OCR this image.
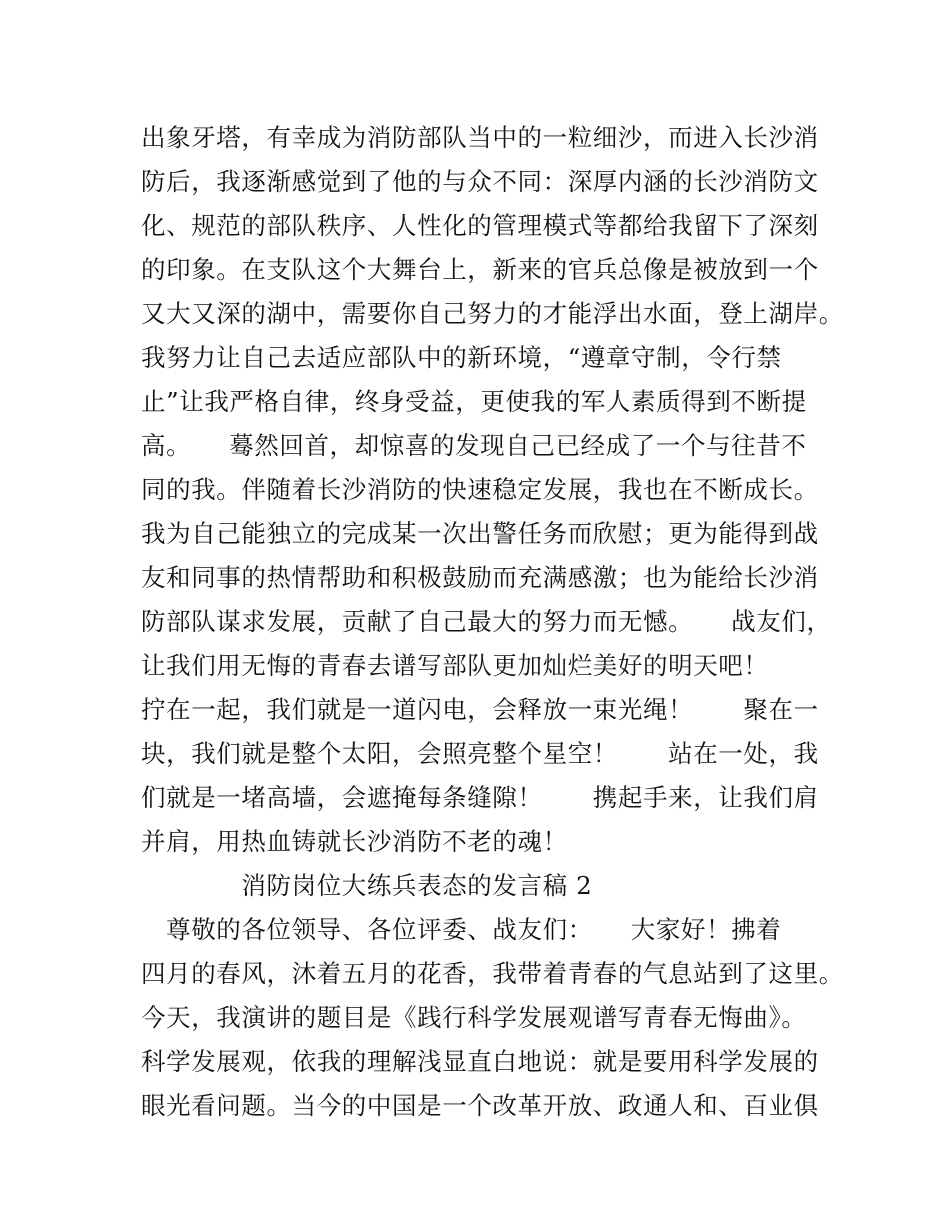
出象牙塔，有幸成为消防部队当中的一粒细沙，而进入长沙消
防后，我逐渐感觉到了他的与众不同：深厚内涵的长沙消防文
化、规范的部队秩序、人性化的管理模式等都给我留下了深刻
的印象。在支队这个大舞台上，新来的官兵总像是被放到一个
又大又深的湖中，需要你自己努力的才能浮出水面，登上湖岸。
我努力让自己去适应部队中的新环境，“遵章守制，令行禁
止”让我严格自律，终身受益，更使我的军人素质得到不断提
高。　　蓦然回首，却惊喜的发现自己已经成了一个与往昔不
同的我。伴随着长沙消防的快速稳定发展，我也在不断成长。
我为自己能独立的完成某一次出警任务而欣慰；更为能得到战
友和同事的热情帮助和积极鼓励而充满感激；也为能给长沙消
防部队谋求发展，贡献了自己最大的努力而无憾。　　战友们，
让我们用无悔的青春去谱写部队更加灿烂美好的明天吧！
拧在一起，我们就是一道闪电，会释放一束光绳！　　聚在一
块，我们就是整个太阳，会照亮整个星空！　　站在一处，我
们就是一堵高墙，会遮掩每条缝隙！　　携起手来，让我们肩
并肩，用热血铸就长沙消防不老的魂！
　　　　消防岗位大练兵表态的发言稿 2
　尊敬的各位领导、各位评委、战友们：　　大家好！拂着
四月的春风，沐着五月的花香，我带着青春的气息站到了这里。
今天，我演讲的题目是《践行科学发展观谱写青春无悔曲》。
科学发展观，依我的理解浅显直白地说：就是要用科学发展的
眼光看问题。当今的中国是一个改革开放、政通人和、百业俱
